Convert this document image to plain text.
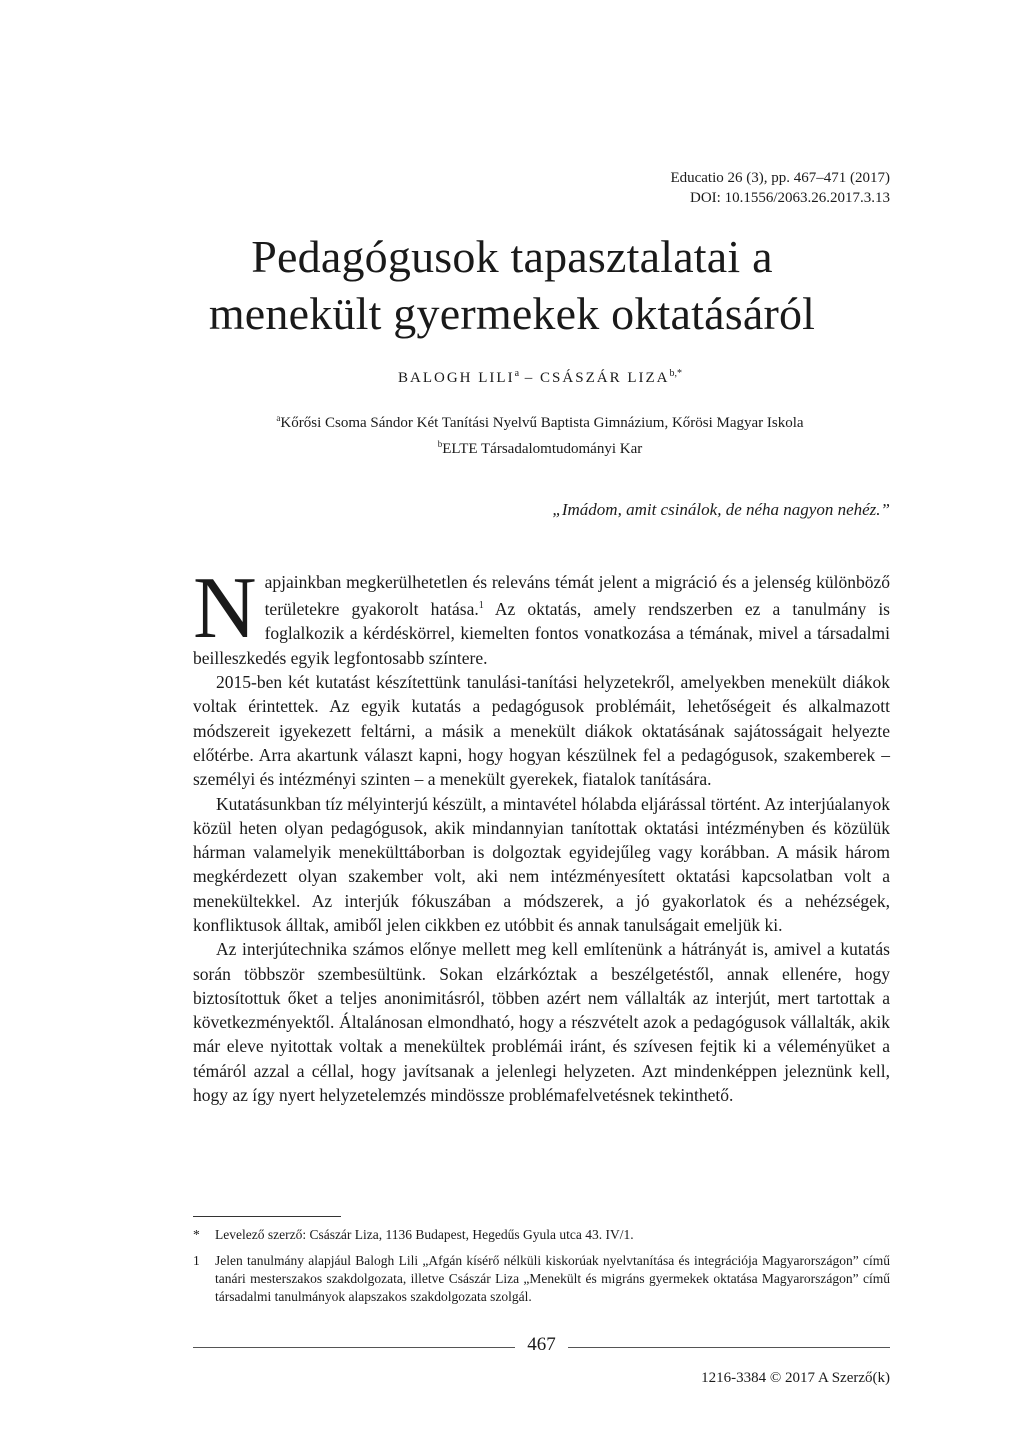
Educatio 26 (3), pp. 467–471 (2017)
DOI: 10.1556/2063.26.2017.3.13
Pedagógusok tapasztalatai a
menekült gyermekek oktatásáról
BALOGH LILI$^a$ – CSÁSZÁR $LIZA^{b,*}$
$^a$Kőrősi Csoma Sándor Két Tanítási Nyelvű Baptista Gimnázium, Kőrösi Magyar Iskola
$^b$ELTE Társadalomtudományi Kar
„Imádom, amit csinálok, de néha nagyon nehéz.”

Napjainkban megkerülhetetlen és releváns témát jelent a migráció és a jelenség különböző területekre gyakorolt hatása.$^1$ Az oktatás, amely rendszerben ez a tanulmány is foglalkozik a kérdéskörrel, kiemelten fontos vonatkozása a témának, mivel a társadalmi beilleszkedés egyik legfontosabb színtere.

2015-ben két kutatást készítettünk tanulási-tanítási helyzetekről, amelyekben menekült diákok voltak érintettek. Az egyik kutatás a pedagógusok problémáit, lehetőségeit és alkalmazott módszereit igyekezett feltárni, a másik a menekült diákok oktatásának sajátosságait helyezte előtérbe. Arra akartunk választ kapni, hogy hogyan készülnek fel a pedagógusok, szakemberek – személyi és intézményi szinten – a menekült gyerekek, fiatalok tanítására.

Kutatásunkban tíz mélyinterjú készült, a mintavétel hólabda eljárással történt. Az interjúalanyok közül heten olyan pedagógusok, akik mindannyian tanítottak oktatási intézményben és közülük hárman valamelyik menekülttáborban is dolgoztak egyidejűleg vagy korábban. A másik három megkérdezett olyan szakember volt, aki nem intézményesített oktatási kapcsolatban volt a menekültekkel. Az interjúk fókuszában a módszerek, a jó gyakorlatok és a nehézségek, konfliktusok álltak, amiből jelen cikkben ez utóbbit és annak tanulságait emeljük ki.

Az interjútechnika számos előnye mellett meg kell említenünk a hátrányát is, amivel a kutatás során többször szembesültünk. Sokan elzárkóztak a beszélgetéstől, annak ellenére, hogy biztosítottuk őket a teljes anonimitásról, többen azért nem vállalták az interjút, mert tartottak a következményektől. Általánosan elmondható, hogy a részvételt azok a pedagógusok vállalták, akik már eleve nyitottak voltak a menekültek problémái iránt, és szívesen fejtik ki a véleményüket a témáról azzal a céllal, hogy javítsanak a jelenlegi helyzeten. Azt mindenképpen jeleznünk kell, hogy az így nyert helyzetelemzés mindössze problémafelvetésnek tekinthető.

*	Levelező szerző: Császár Liza, 1136 Budapest, Hegedűs Gyula utca 43. IV/1.
1	Jelen tanulmány alapjául Balogh Lili „Afgán kísérő nélküli kiskorúak nyelvtanítása és integrációja Magyarországon” című tanári mesterszakos szakdolgozata, illetve Császár Liza „Menekült és migráns gyermekek oktatása Magyarországon” című társadalmi tanulmányok alapszakos szakdolgozata szolgál.
467
1216-3384 © 2017 A Szerző(k)
